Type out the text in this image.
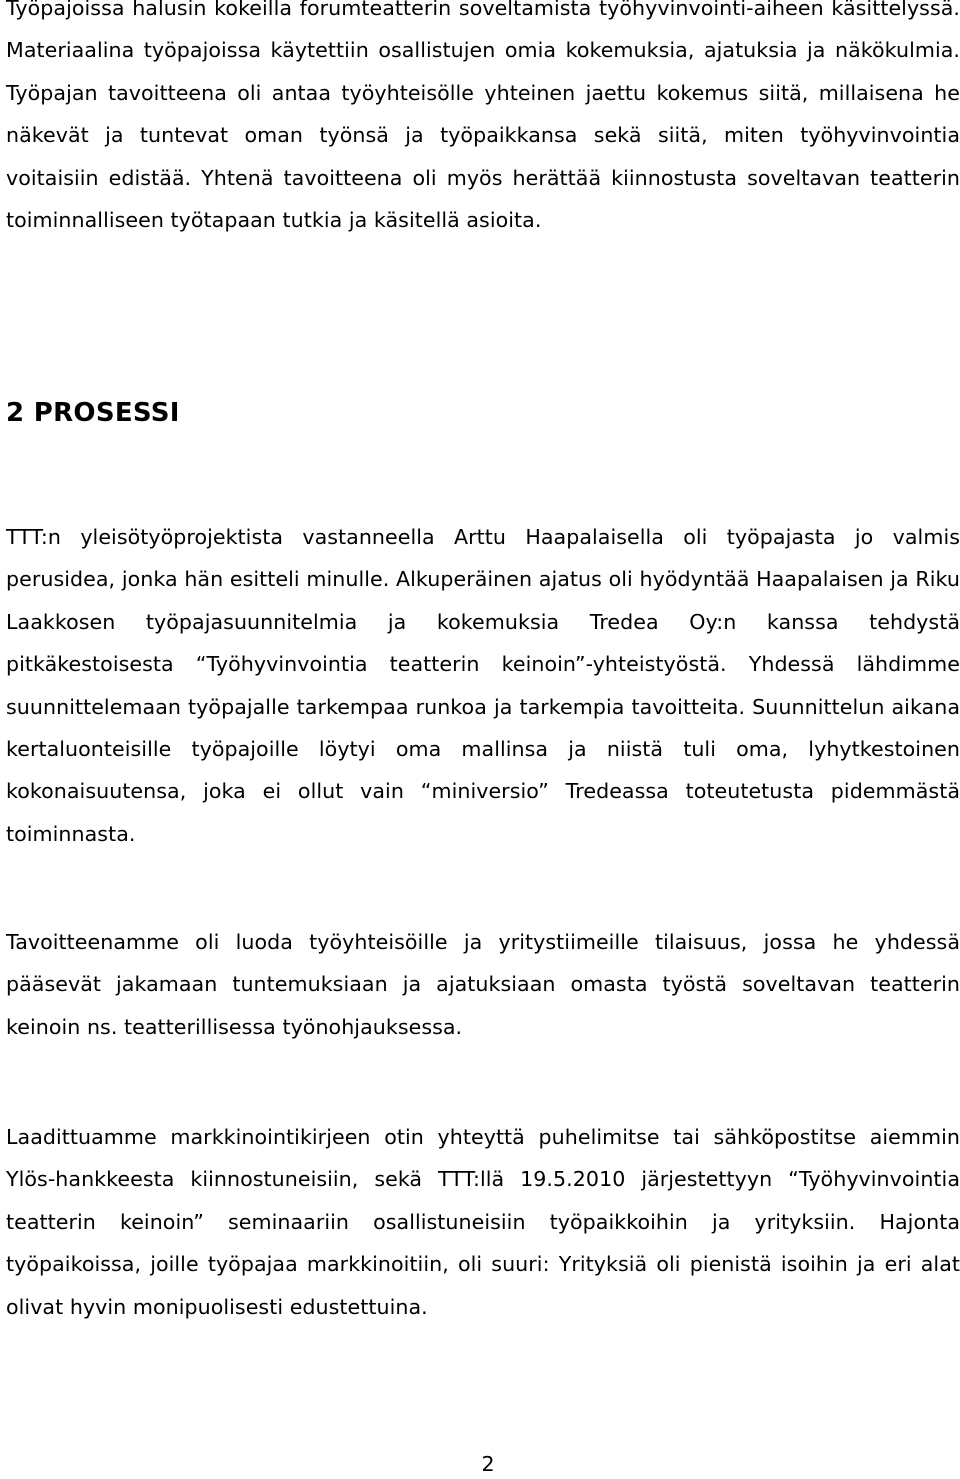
Työpajoissa halusin kokeilla forumteatterin soveltamista työhyvinvointi-aiheen käsittelyssä. Materiaalina työpajoissa käytettiin osallistujen omia kokemuksia, ajatuksia ja näkökulmia. Työpajan tavoitteena oli antaa työyhteisölle yhteinen jaettu kokemus siitä, millaisena he näkevät ja tuntevat oman työnsä ja työpaikkansa sekä siitä, miten työhyvinvointia voitaisiin edistää. Yhtenä tavoitteena oli myös herättää kiinnostusta soveltavan teatterin toiminnalliseen työtapaan tutkia ja käsitellä asioita.

2 PROSESSI

TTT:n yleisötyöprojektista vastanneella Arttu Haapalaisella oli työpajasta jo valmis perusidea, jonka hän esitteli minulle. Alkuperäinen ajatus oli hyödyntää Haapalaisen ja Riku Laakkosen työpajasuunnitelmia ja kokemuksia Tredea Oy:n kanssa tehdystä pitkäkestoisesta “Työhyvinvointia teatterin keinoin”-yhteistyöstä. Yhdessä lähdimme suunnittelemaan työpajalle tarkempaa runkoa ja tarkempia tavoitteita. Suunnittelun aikana kertaluonteisille työpajoille löytyi oma mallinsa ja niistä tuli oma, lyhytkestoinen kokonaisuutensa, joka ei ollut vain “miniversio” Tredeassa toteutetusta pidemmästä toiminnasta.

Tavoitteenamme oli luoda työyhteisöille ja yritystiimeille tilaisuus, jossa he yhdessä pääsevät jakamaan tuntemuksiaan ja ajatuksiaan omasta työstä soveltavan teatterin keinoin ns. teatterillisessa työnohjauksessa.

Laadittuamme markkinointikirjeen otin yhteyttä puhelimitse tai sähköpostitse aiemmin Ylös-hankkeesta kiinnostuneisiin, sekä TTT:llä 19.5.2010 järjestettyyn “Työhyvinvointia teatterin keinoin” seminaariin osallistuneisiin työpaikkoihin ja yrityksiin. Hajonta työpaikoissa, joille työpajaa markkinoitiin, oli suuri: Yrityksiä oli pienistä isoihin ja eri alat olivat hyvin monipuolisesti edustettuina.

2
